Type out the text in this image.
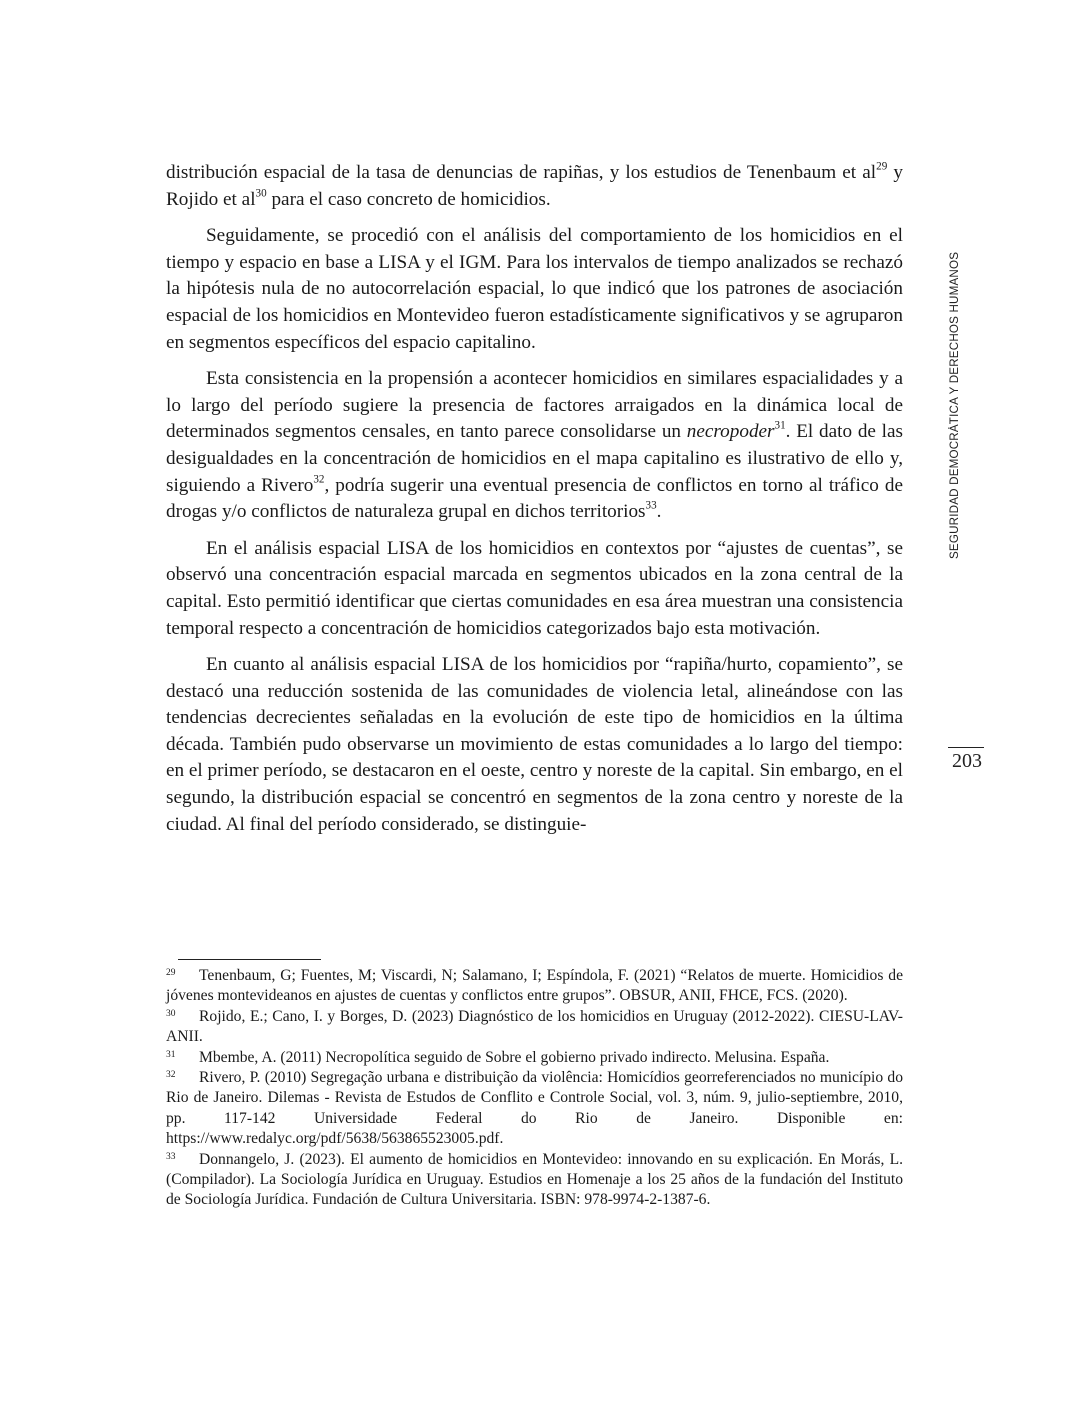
distribución espacial de la tasa de denuncias de rapiñas, y los estudios de Tenenbaum et $al^{29}$ y Rojido et $al^{30}$ para el caso concreto de homicidios.

Seguidamente, se procedió con el análisis del comportamiento de los homicidios en el tiempo y espacio en base a LISA y el IGM. Para los intervalos de tiempo analizados se rechazó la hipótesis nula de no autocorrelación espacial, lo que indicó que los patrones de asociación espacial de los homicidios en Montevideo fueron estadísticamente significativos y se agruparon en segmentos específicos del espacio capitalino.

Esta consistencia en la propensión a acontecer homicidios en similares espacialidades y a lo largo del período sugiere la presencia de factores arraigados en la dinámica local de determinados segmentos censales, en tanto parece consolidarse un necropoder$^{31}$. El dato de las desigualdades en la concentración de homicidios en el mapa capitalino es ilustrativo de ello y, siguiendo a Rivero$^{32}$, podría sugerir una eventual presencia de conflictos en torno al tráfico de drogas y/o conflictos de naturaleza grupal en dichos territorios$^{33}$.

En el análisis espacial LISA de los homicidios en contextos por “ajustes de cuentas”, se observó una concentración espacial marcada en segmentos ubicados en la zona central de la capital. Esto permitió identificar que ciertas comunidades en esa área muestran una consistencia temporal respecto a concentración de homicidios categorizados bajo esta motivación.

En cuanto al análisis espacial LISA de los homicidios por “rapiña/hurto, copamiento”, se destacó una reducción sostenida de las comunidades de violencia letal, alineándose con las tendencias decrecientes señaladas en la evolución de este tipo de homicidios en la última década. También pudo observarse un movimiento de estas comunidades a lo largo del tiempo: en el primer período, se destacaron en el oeste, centro y noreste de la capital. Sin embargo, en el segundo, la distribución espacial se concentró en segmentos de la zona centro y noreste de la ciudad. Al final del período considerado, se distinguie-

29 Tenenbaum, G; Fuentes, M; Viscardi, N; Salamano, I; Espíndola, F. (2021) “Relatos de muerte. Homicidios de jóvenes montevideanos en ajustes de cuentas y conflictos entre grupos”. OBSUR, ANII, FHCE, FCS. (2020).

30 Rojido, E.; Cano, I. y Borges, D. (2023) Diagnóstico de los homicidios en Uruguay (2012-2022). CIESU-LAV-ANII.

31 Mbembe, A. (2011) Necropolítica seguido de Sobre el gobierno privado indirecto. Melusina. España.

32 Rivero, P. (2010) Segregação urbana e distribuição da violência: Homicídios georreferenciados no município do Rio de Janeiro. Dilemas - Revista de Estudos de Conflito e Controle Social, vol. 3, núm. 9, julio-septiembre, 2010, pp. 117-142 Universidade Federal do Rio de Janeiro. Disponible en: https://www.redalyc.org/pdf/5638/563865523005.pdf.

33 Donnangelo, J. (2023). El aumento de homicidios en Montevideo: innovando en su explicación. En Morás, L. (Compilador). La Sociología Jurídica en Uruguay. Estudios en Homenaje a los 25 años de la fundación del Instituto de Sociología Jurídica. Fundación de Cultura Universitaria. ISBN: 978-9974-2-1387-6.

SEGURIDAD DEMOCRÁTICA Y DERECHOS HUMANOS
203
